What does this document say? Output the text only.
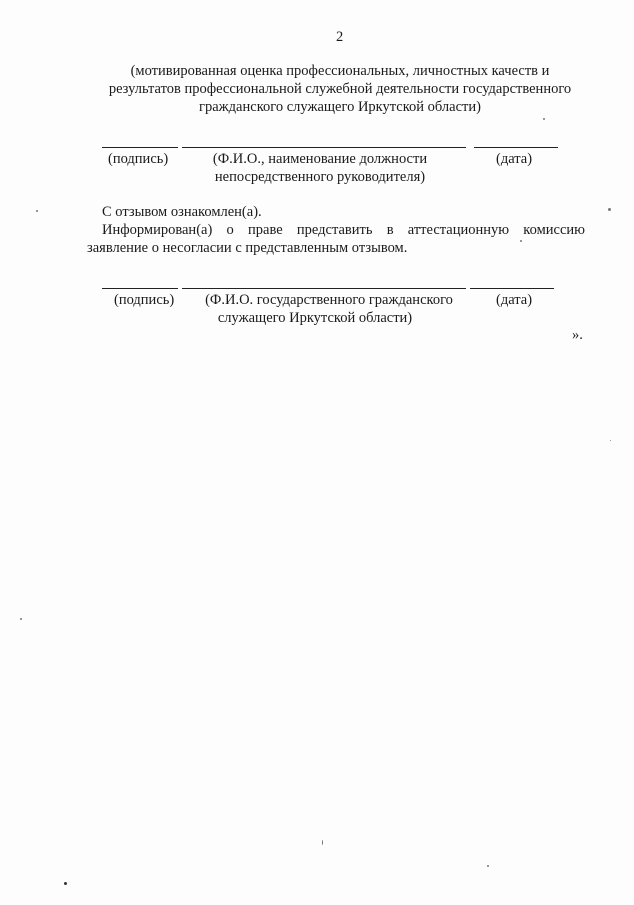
2
(мотивированная оценка профессиональных, личностных качеств и
результатов профессиональной служебной деятельности государственного
гражданского служащего Иркутской области)
(подпись)	(Ф.И.О., наименование должности
непосредственного руководителя)
(дата)
С отзывом ознакомлен(а).
Информирован(а) о праве представить в аттестационную комиссию
заявление о несогласии с представленным отзывом.
(подпись)	(Ф.И.О. государственного гражданского
служащего Иркутской области)
(дата)
».
